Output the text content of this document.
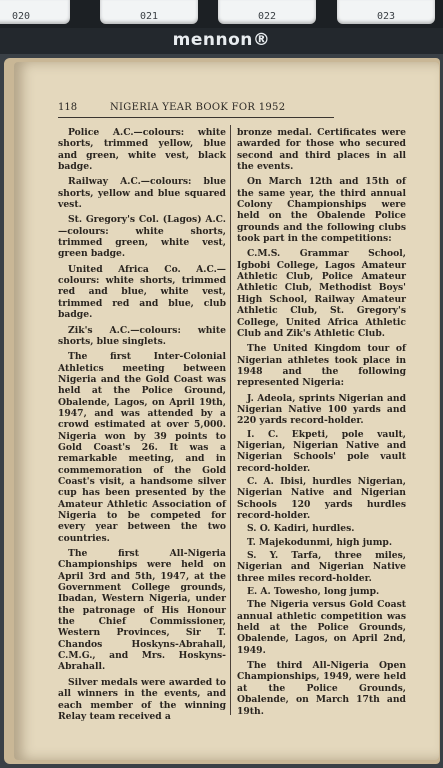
020	021	022	023
mennon®
118	NIGERIA YEAR BOOK FOR 1952

Police A.C.—colours: white shorts, trimmed yellow, blue and green, white vest, black badge.

Railway A.C.—colours: blue shorts, yellow and blue squared vest.

St. Gregory's Col. (Lagos) A.C.—colours: white shorts, trimmed green, white vest, green badge.

United Africa Co. A.C.—colours: white shorts, trimmed red and blue, white vest, trimmed red and blue, club badge.

Zik's A.C.—colours: white shorts, blue singlets.

The first Inter-Colonial Athletics meeting between Nigeria and the Gold Coast was held at the Police Ground, Obalende, Lagos, on April 19th, 1947, and was attended by a crowd estimated at over 5,000. Nigeria won by 39 points to Gold Coast's 26. It was a remarkable meeting, and in commemoration of the Gold Coast's visit, a handsome silver cup has been presented by the Amateur Athletic Association of Nigeria to be competed for every year between the two countries.

The first All-Nigeria Championships were held on April 3rd and 5th, 1947, at the Government College grounds, Ibadan, Western Nigeria, under the patronage of His Honour the Chief Commissioner, Western Provinces, Sir T. Chandos Hoskyns-Abrahall, C.M.G., and Mrs. Hoskyns-Abrahall.

Silver medals were awarded to all winners in the events, and each member of the winning Relay team received a

bronze medal. Certificates were awarded for those who secured second and third places in all the events.

On March 12th and 15th of the same year, the third annual Colony Championships were held on the Obalende Police grounds and the following clubs took part in the competitions:

C.M.S. Grammar School, Igbobi College, Lagos Amateur Athletic Club, Police Amateur Athletic Club, Methodist Boys' High School, Railway Amateur Athletic Club, St. Gregory's College, United Africa Athletic Club and Zik's Athletic Club.

The United Kingdom tour of Nigerian athletes took place in 1948 and the following represented Nigeria:

J. Adeola, sprints Nigerian and Nigerian Native 100 yards and 220 yards record-holder.

I. C. Ekpeti, pole vault, Nigerian, Nigerian Native and Nigerian Schools' pole vault record-holder.

C. A. Ibisi, hurdles Nigerian, Nigerian Native and Nigerian Schools 120 yards hurdles record-holder.

S. O. Kadiri, hurdles.

T. Majekodunmi, high jump.

S. Y. Tarfa, three miles, Nigerian and Nigerian Native three miles record-holder.

E. A. Towesho, long jump.

The Nigeria versus Gold Coast annual athletic competition was held at the Police Grounds, Obalende, Lagos, on April 2nd, 1949.

The third All-Nigeria Open Championships, 1949, were held at the Police Grounds, Obalende, on March 17th and 19th.
